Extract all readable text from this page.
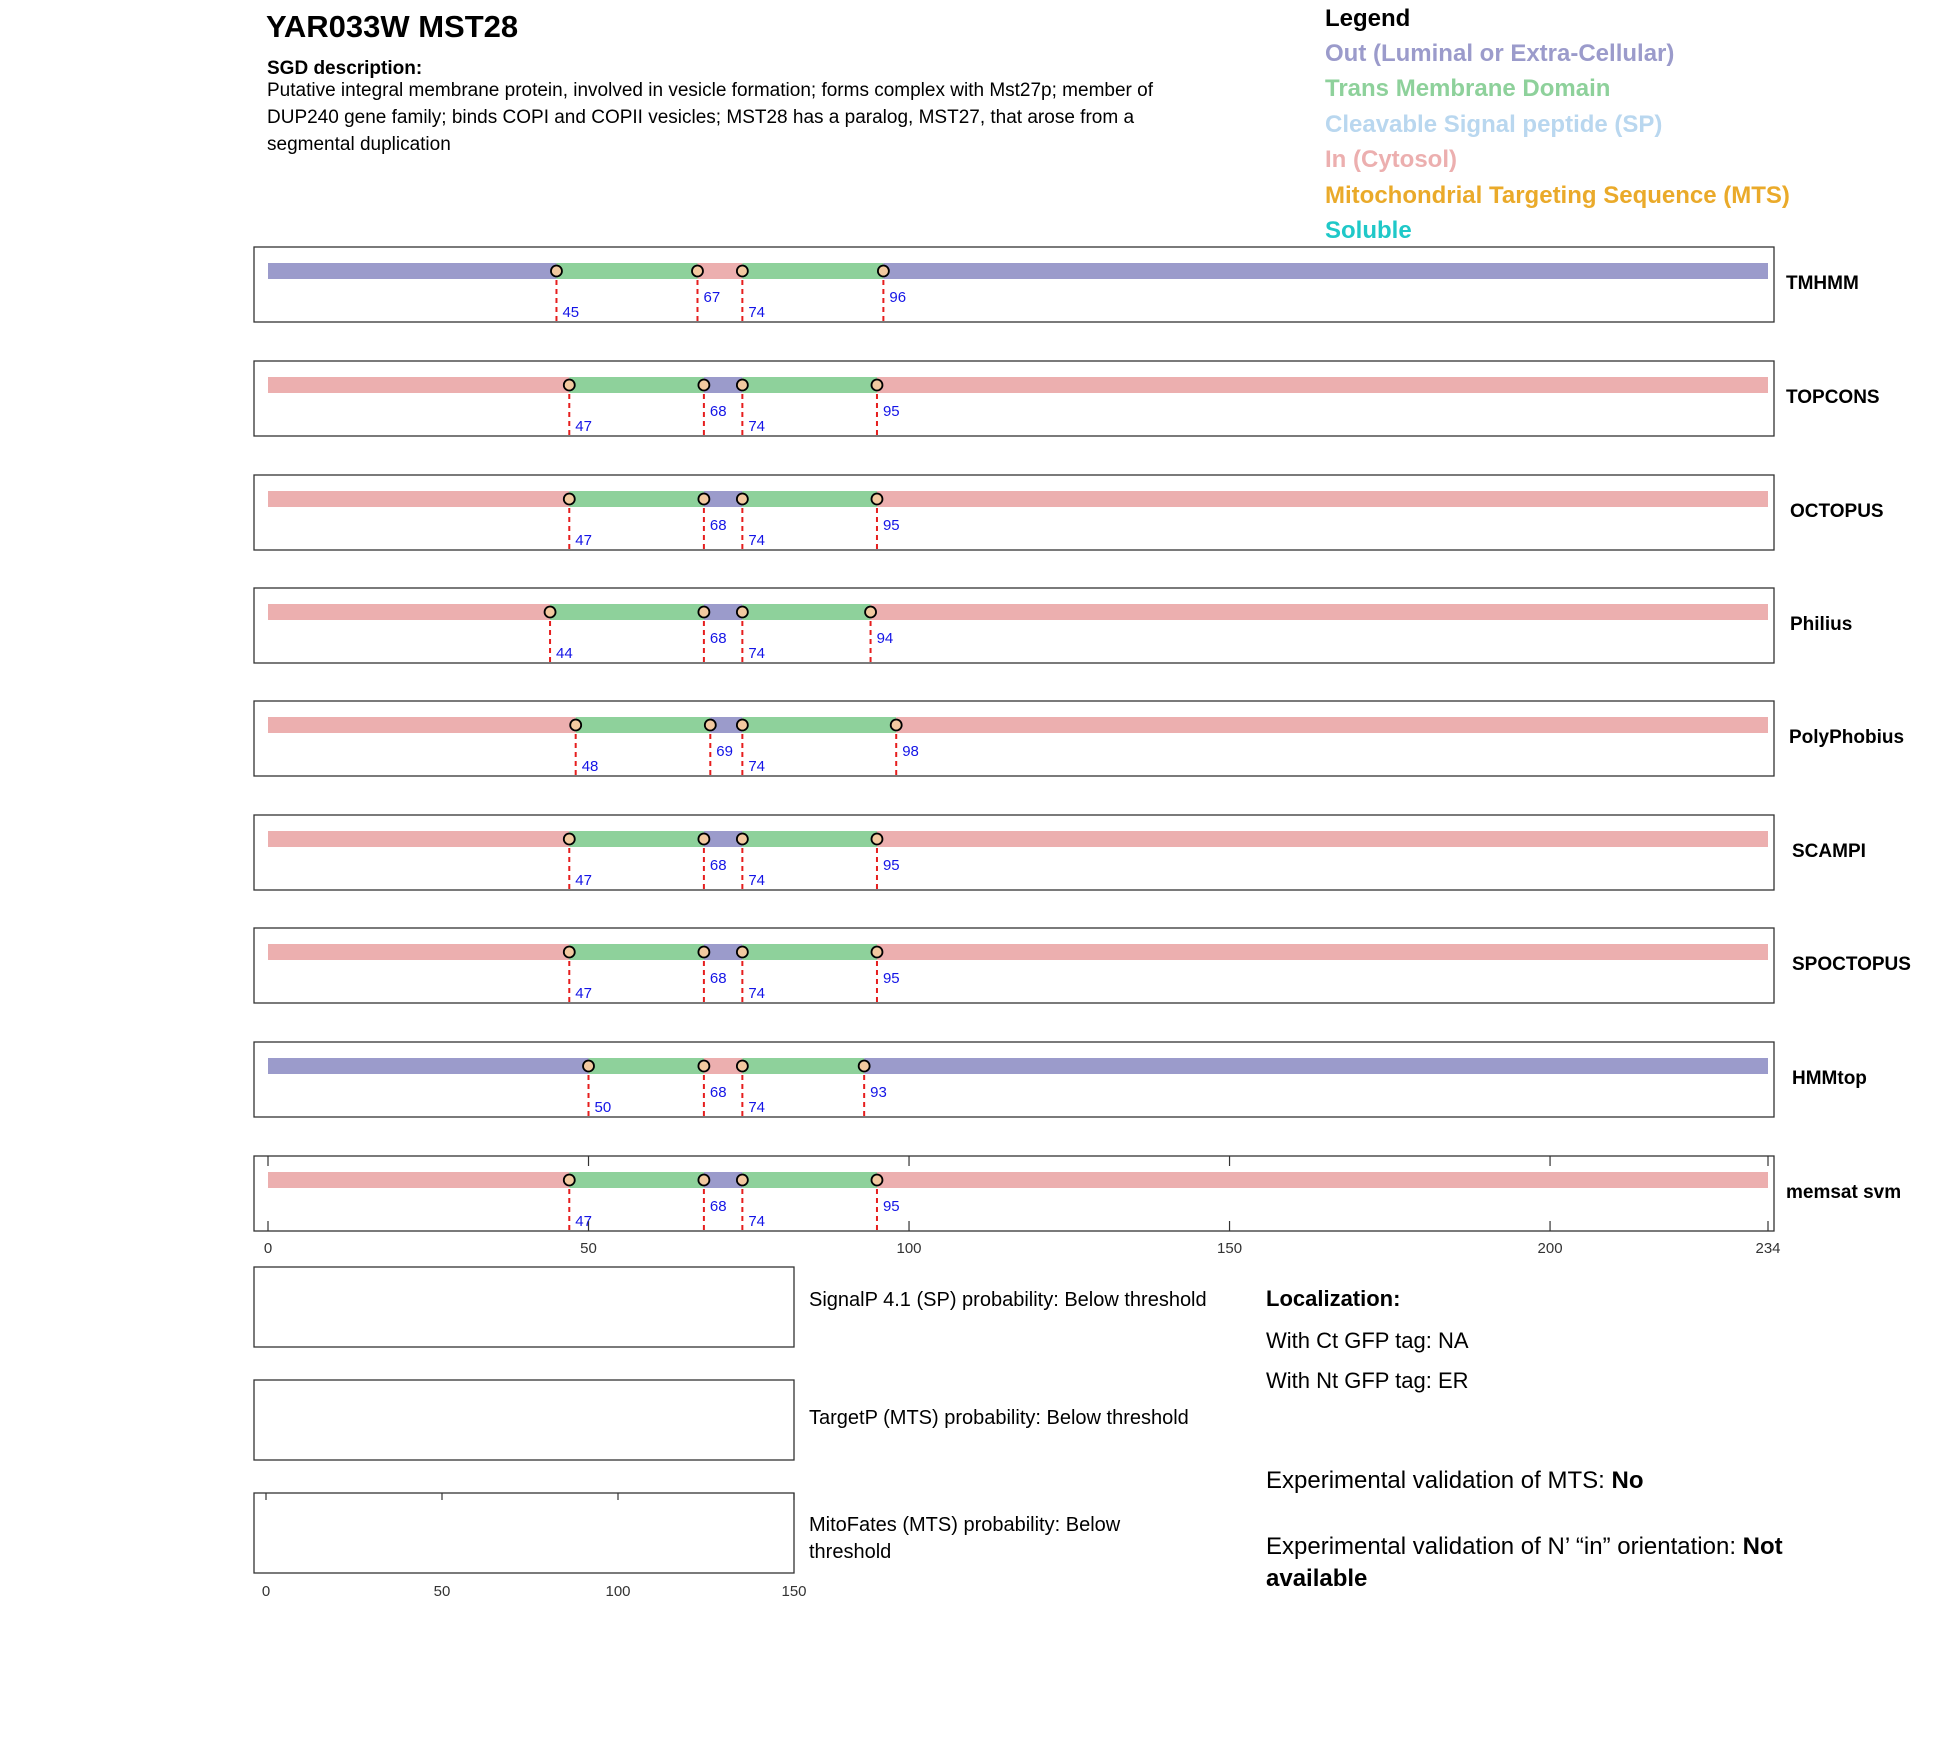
YAR033W MST28
SGD description:
Putative integral membrane protein, involved in vesicle formation; forms complex with Mst27p; member of
DUP240 gene family; binds COPI and COPII vesicles; MST28 has a paralog, MST27, that arose from a
segmental duplication
Legend
Out (Luminal or Extra-Cellular)
Trans Membrane Domain
Cleavable Signal peptide (SP)
In (Cytosol)
Mitochondrial Targeting Sequence (MTS)
Soluble
45
67
74
96
TMHMM
47
68
74
95
TOPCONS
47
68
74
95
OCTOPUS
44
68
74
94
Philius
48
69
74
98
PolyPhobius
47
68
74
95
SCAMPI
47
68
74
95
SPOCTOPUS
50
68
74
93
HMMtop
47
68
74
95
memsat svm
0	50	100	150	200	234
SignalP 4.1 (SP) probability: Below threshold
TargetP (MTS) probability: Below threshold
MitoFates (MTS) probability: Below
threshold
0	50	100	150
Localization:
With Ct GFP tag: NA
With Nt GFP tag: ER
Experimental validation of MTS: No
Experimental validation of N’ “in” orientation: Not
available
